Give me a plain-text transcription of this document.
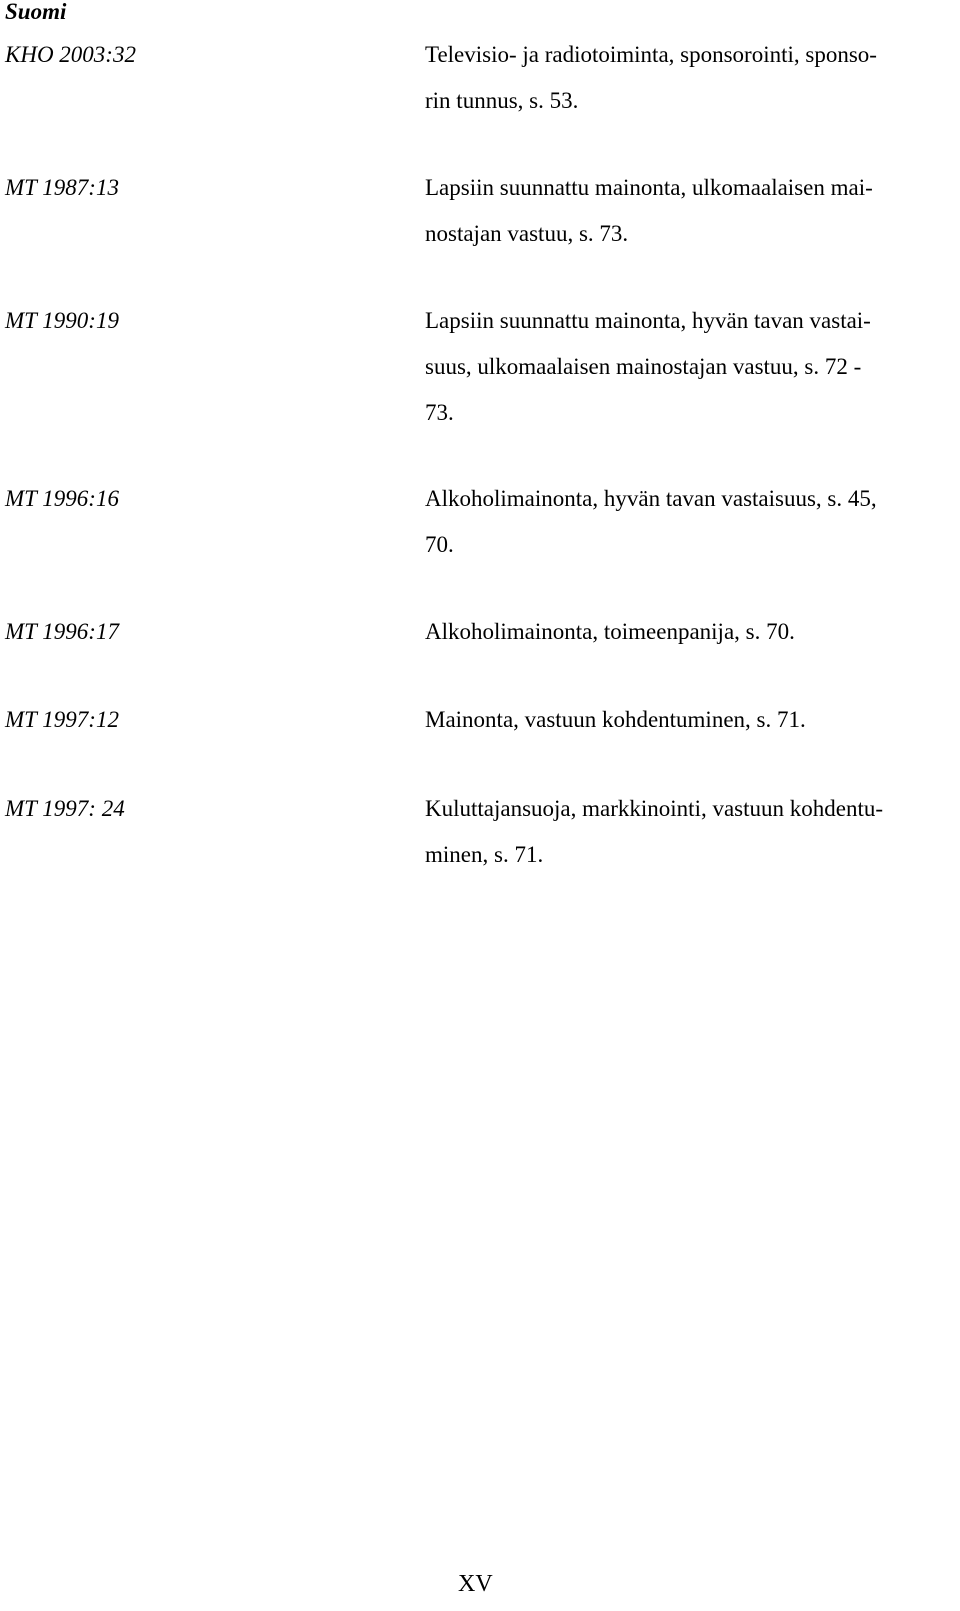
Suomi
KHO 2003:32	Televisio- ja radiotoiminta, sponsorointi, sponso-
rin tunnus, s. 53.
MT 1987:13	Lapsiin suunnattu mainonta, ulkomaalaisen mai-
nostajan vastuu, s. 73.
MT 1990:19	Lapsiin suunnattu mainonta, hyvän tavan vastai-
suus, ulkomaalaisen mainostajan vastuu, s. 72 -
73.
MT 1996:16	Alkoholimainonta, hyvän tavan vastaisuus, s. 45,
70.
MT 1996:17	Alkoholimainonta, toimeenpanija, s. 70.
MT 1997:12	Mainonta, vastuun kohdentuminen, s. 71.
MT 1997: 24	Kuluttajansuoja, markkinointi, vastuun kohdentu-
minen, s. 71.
XV
